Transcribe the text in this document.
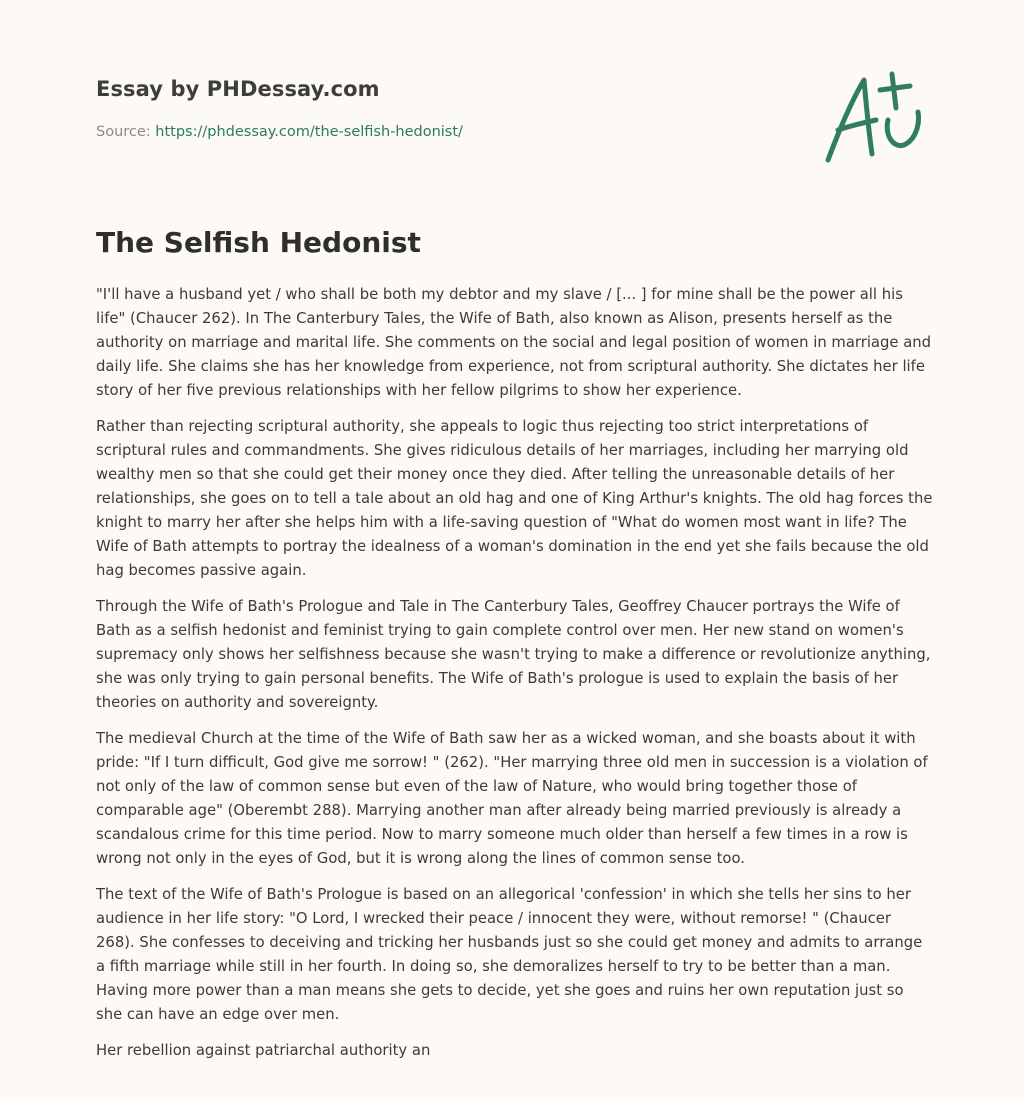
Essay by PHDessay.com
Source: https://phdessay.com/the-selfish-hedonist/
The Selfish Hedonist

"I'll have a husband yet / who shall be both my debtor and my slave / [... ] for mine shall be the power all his life" (Chaucer 262). In The Canterbury Tales, the Wife of Bath, also known as Alison, presents herself as the authority on marriage and marital life. She comments on the social and legal position of women in marriage and daily life. She claims she has her knowledge from experience, not from scriptural authority. She dictates her life story of her five previous relationships with her fellow pilgrims to show her experience.

Rather than rejecting scriptural authority, she appeals to logic thus rejecting too strict interpretations of scriptural rules and commandments. She gives ridiculous details of her marriages, including her marrying old wealthy men so that she could get their money once they died. After telling the unreasonable details of her relationships, she goes on to tell a tale about an old hag and one of King Arthur's knights. The old hag forces the knight to marry her after she helps him with a life-saving question of "What do women most want in life? The Wife of Bath attempts to portray the idealness of a woman's domination in the end yet she fails because the old hag becomes passive again.

Through the Wife of Bath's Prologue and Tale in The Canterbury Tales, Geoffrey Chaucer portrays the Wife of Bath as a selfish hedonist and feminist trying to gain complete control over men. Her new stand on women's supremacy only shows her selfishness because she wasn't trying to make a difference or revolutionize anything, she was only trying to gain personal benefits. The Wife of Bath's prologue is used to explain the basis of her theories on authority and sovereignty.

The medieval Church at the time of the Wife of Bath saw her as a wicked woman, and she boasts about it with pride: "If I turn difficult, God give me sorrow! " (262). "Her marrying three old men in succession is a violation of not only of the law of common sense but even of the law of Nature, who would bring together those of comparable age" (Oberembt 288). Marrying another man after already being married previously is already a scandalous crime for this time period. Now to marry someone much older than herself a few times in a row is wrong not only in the eyes of God, but it is wrong along the lines of common sense too.

The text of the Wife of Bath's Prologue is based on an allegorical 'confession' in which she tells her sins to her audience in her life story: "O Lord, I wrecked their peace / innocent they were, without remorse! " (Chaucer 268). She confesses to deceiving and tricking her husbands just so she could get money and admits to arrange a fifth marriage while still in her fourth. In doing so, she demoralizes herself to try to be better than a man. Having more power than a man means she gets to decide, yet she goes and ruins her own reputation just so she can have an edge over men.

Her rebellion against patriarchal authority an
